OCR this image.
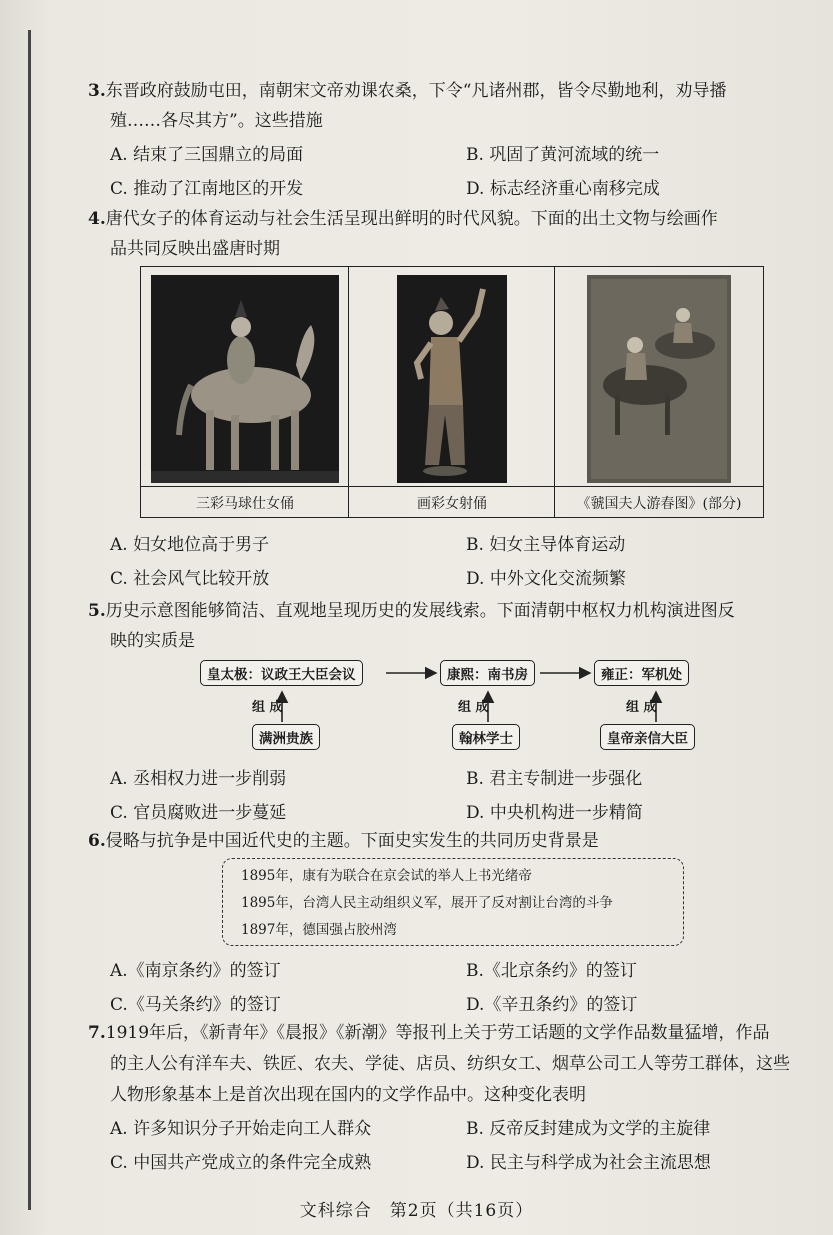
3.东晋政府鼓励屯田，南朝宋文帝劝课农桑，下令“凡诸州郡，皆令尽勤地利，劝导播
殖……各尽其方”。这些措施
A. 结束了三国鼎立的局面	B. 巩固了黄河流域的统一
C. 推动了江南地区的开发	D. 标志经济重心南移完成
4.唐代女子的体育运动与社会生活呈现出鲜明的时代风貌。下面的出土文物与绘画作
品共同反映出盛唐时期
三彩马球仕女俑	画彩女射俑	《虢国夫人游春图》(部分)
A. 妇女地位高于男子	B. 妇女主导体育运动
C. 社会风气比较开放	D. 中外文化交流频繁
5.历史示意图能够简洁、直观地呈现历史的发展线索。下面清朝中枢权力机构演进图反
映的实质是
皇太极：议政王大臣会议	康熙：南书房	雍正：军机处
组 成	组 成	组 成
满洲贵族	翰林学士	皇帝亲信大臣
A. 丞相权力进一步削弱	B. 君主专制进一步强化
C. 官员腐败进一步蔓延	D. 中央机构进一步精简
6.侵略与抗争是中国近代史的主题。下面史实发生的共同历史背景是
1895年，康有为联合在京会试的举人上书光绪帝
1895年，台湾人民主动组织义军，展开了反对割让台湾的斗争
1897年，德国强占胶州湾
A.《南京条约》的签订	B.《北京条约》的签订
C.《马关条约》的签订	D.《辛丑条约》的签订
7.1919年后，《新青年》《晨报》《新潮》等报刊上关于劳工话题的文学作品数量猛增，作品
的主人公有洋车夫、铁匠、农夫、学徒、店员、纺织女工、烟草公司工人等劳工群体，这些
人物形象基本上是首次出现在国内的文学作品中。这种变化表明
A. 许多知识分子开始走向工人群众	B. 反帝反封建成为文学的主旋律
C. 中国共产党成立的条件完全成熟	D. 民主与科学成为社会主流思想
文科综合　第2页（共16页）
